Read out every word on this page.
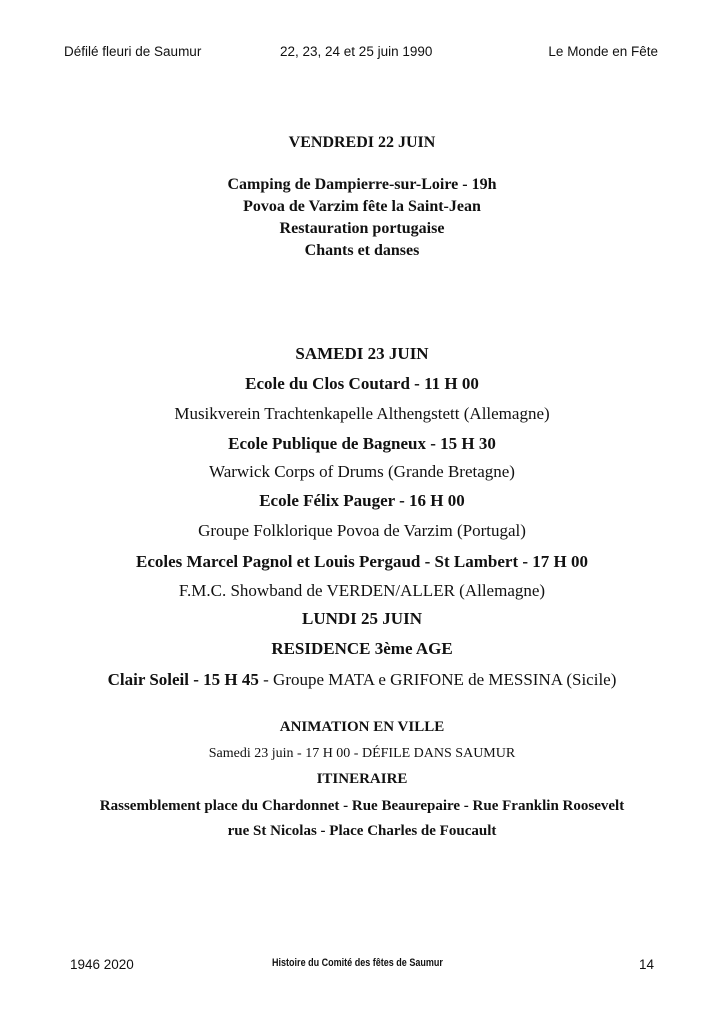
Défilé fleuri de Saumur	22, 23, 24 et 25 juin 1990	Le Monde en Fête
VENDREDI 22 JUIN
Camping de Dampierre-sur-Loire - 19h
Povoa de Varzim fête la Saint-Jean
Restauration portugaise
Chants et danses
SAMEDI 23 JUIN
Ecole du Clos Coutard - 11 H 00
Musikverein Trachtenkapelle Althengstett (Allemagne)
Ecole Publique de Bagneux - 15 H 30
Warwick Corps of Drums (Grande Bretagne)
Ecole Félix Pauger - 16 H 00
Groupe Folklorique Povoa de Varzim (Portugal)
Ecoles Marcel Pagnol et Louis Pergaud - St Lambert - 17 H 00
F.M.C. Showband de VERDEN/ALLER (Allemagne)
LUNDI 25 JUIN
RESIDENCE 3ème AGE
Clair Soleil - 15 H 45 - Groupe MATA e GRIFONE de MESSINA (Sicile)
ANIMATION EN VILLE
Samedi 23 juin - 17 H 00 - DÉFILE DANS SAUMUR
ITINERAIRE
Rassemblement place du Chardonnet - Rue Beaurepaire - Rue Franklin Roosevelt
rue St Nicolas - Place Charles de Foucault
1946 2020	Histoire du Comité des fêtes de Saumur	14
